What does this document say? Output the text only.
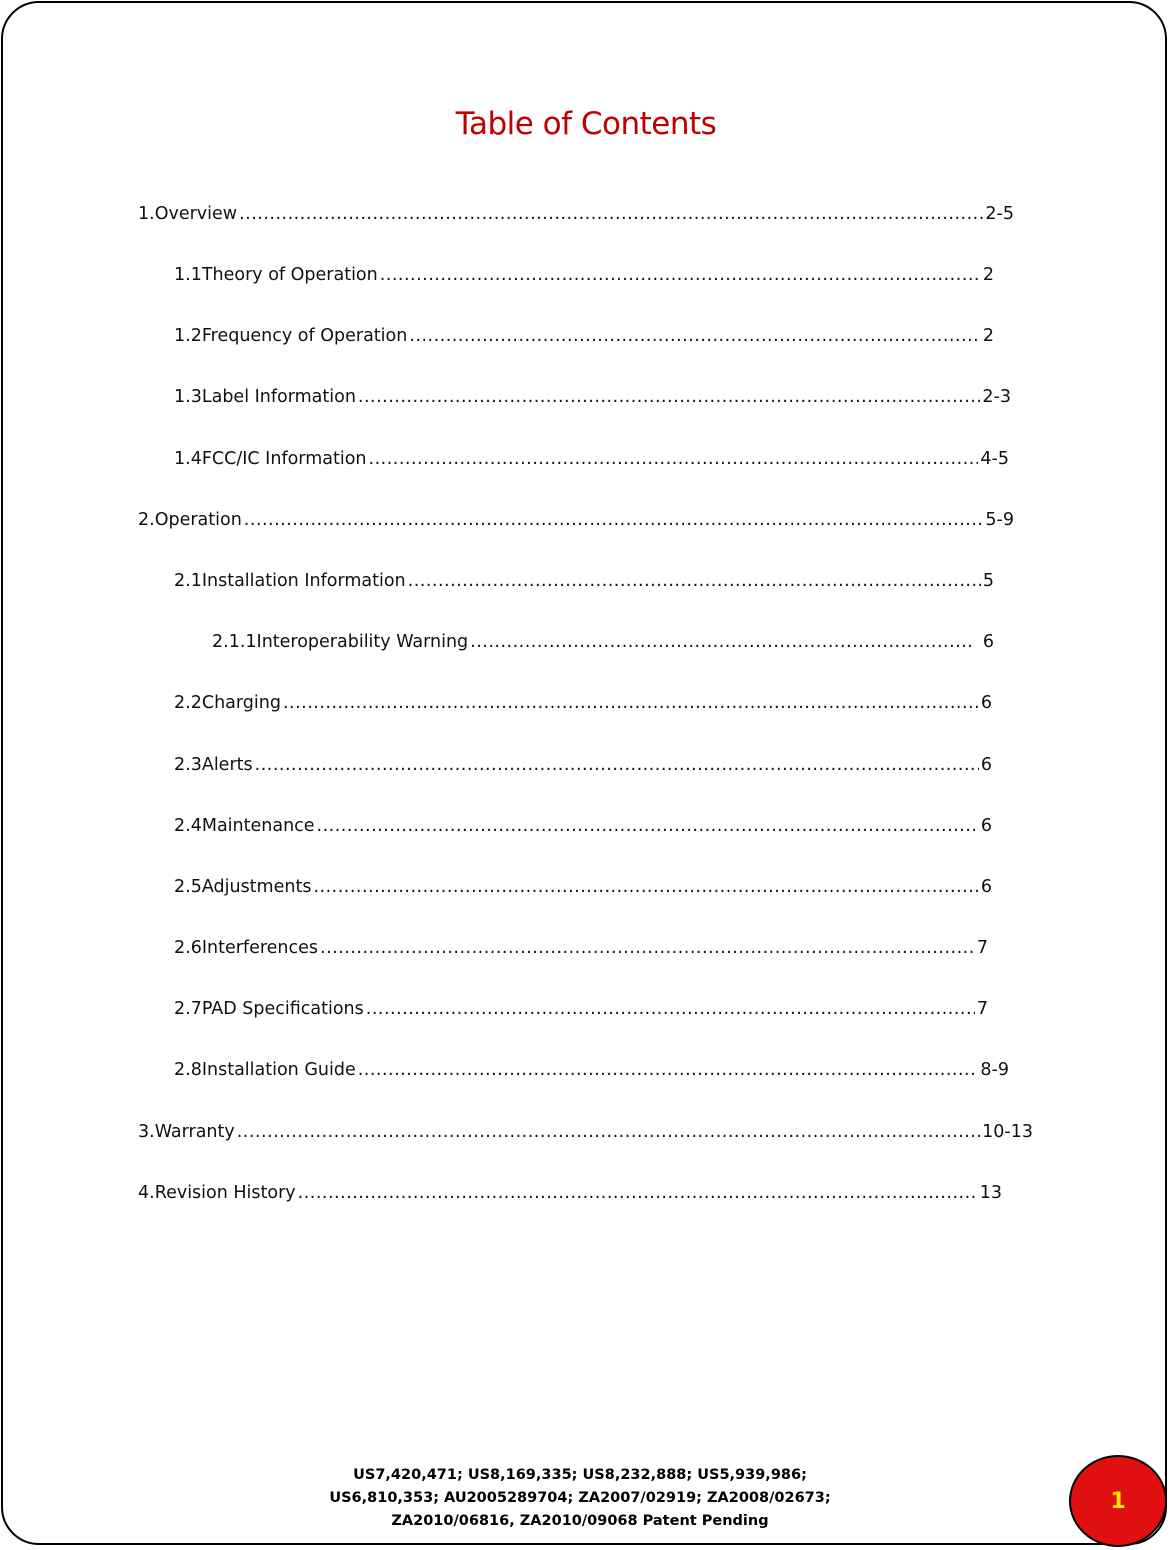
Table of Contents
1. Overview .....	2-5
1.1 Theory of Operation .....	2
1.2 Frequency of Operation .....	2
1.3 Label Information .....	2-3
1.4 FCC/IC Information .....	4-5
2. Operation .....	5-9
2.1 Installation Information .....	5
2.1.1 Interoperability Warning .....	6
2.2 Charging .....	6
2.3 Alerts .....	6
2.4 Maintenance .....	6
2.5 Adjustments .....	6
2.6 Interferences .....	7
2.7 PAD Specifications .....	7
2.8 Installation Guide .....	8-9
3. Warranty .....	10-13
4. Revision History .....	13
US7,420,471; US8,169,335; US8,232,888; US5,939,986;
US6,810,353; AU2005289704; ZA2007/02919; ZA2008/02673;
ZA2010/06816, ZA2010/09068 Patent Pending
1
